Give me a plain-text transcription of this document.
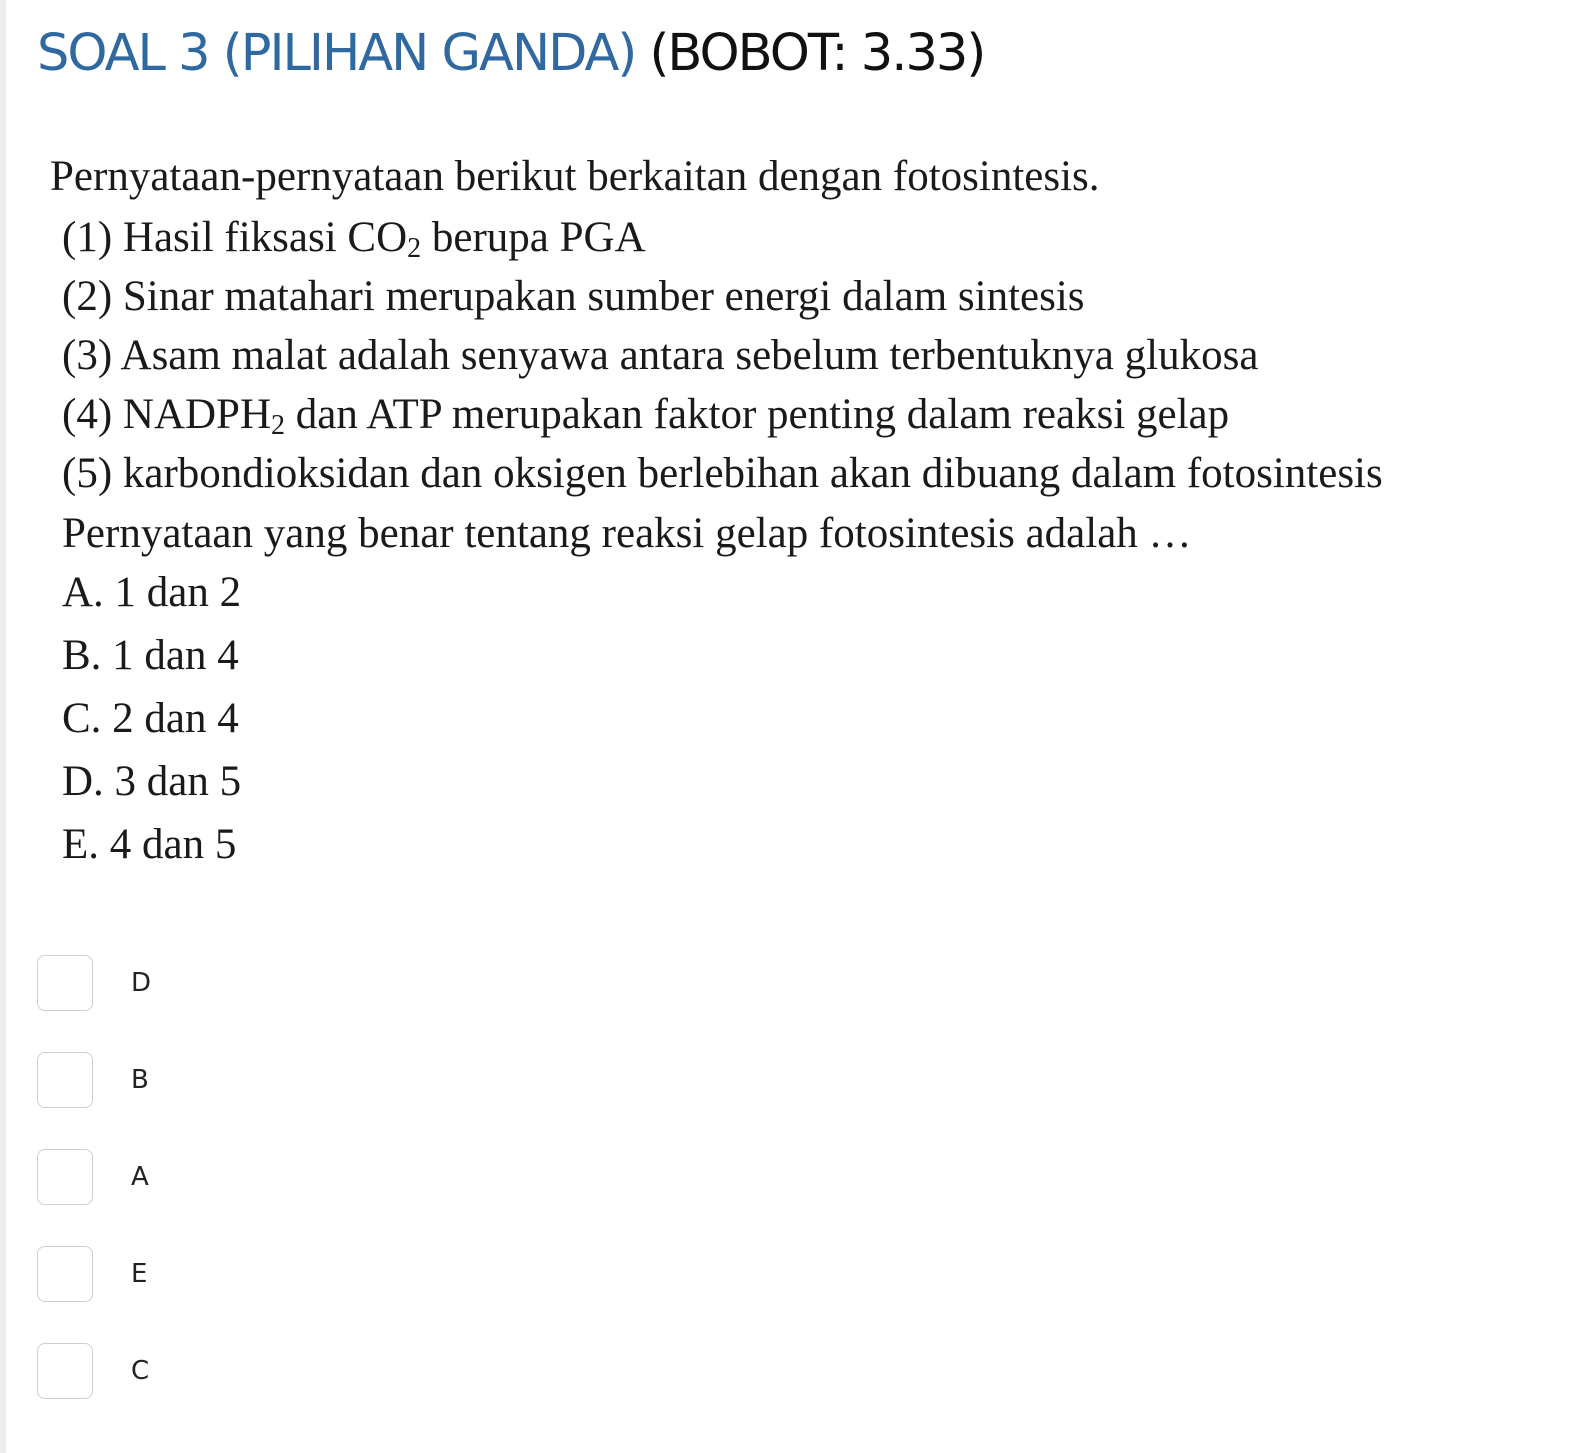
SOAL 3 (PILIHAN GANDA) (BOBOT: 3.33)
Pernyataan-pernyataan berikut berkaitan dengan fotosintesis.
(1) Hasil fiksasi $CO_2$ berupa PGA
(2) Sinar matahari merupakan sumber energi dalam sintesis
(3) Asam malat adalah senyawa antara sebelum terbentuknya glukosa
(4) $NADPH_2$ dan ATP merupakan faktor penting dalam reaksi gelap
(5) karbondioksidan dan oksigen berlebihan akan dibuang dalam fotosintesis
Pernyataan yang benar tentang reaksi gelap fotosintesis adalah …
A. 1 dan 2
B. 1 dan 4
C. 2 dan 4
D. 3 dan 5
E. 4 dan 5
D
B
A
E
C
